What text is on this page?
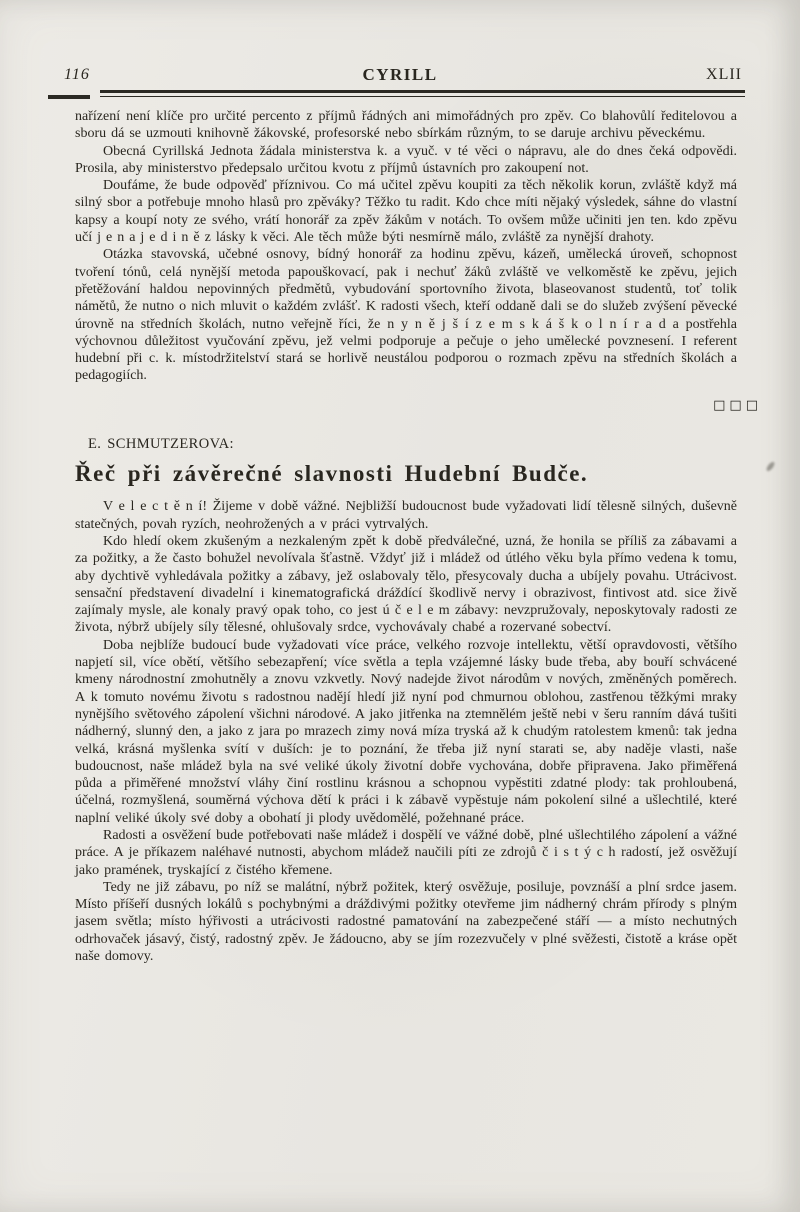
116	CYRILL	XLII

nařízení není klíče pro určité percento z příjmů řádných ani mimořádných pro zpěv. Co blahovůlí ředitelovou a sboru dá se uzmouti knihovně žákovské, profesorské nebo sbírkám různým, to se daruje archivu pěveckému.

Obecná Cyrillská Jednota žádala ministerstva k. a vyuč. v té věci o nápravu, ale do dnes čeká odpovědi. Prosila, aby ministerstvo předepsalo určitou kvotu z příjmů ústavních pro zakoupení not.

Doufáme, že bude odpověď příznivou. Co má učitel zpěvu koupiti za těch několik korun, zvláště když má silný sbor a potřebuje mnoho hlasů pro zpěváky? Těžko tu radit. Kdo chce míti nějaký výsledek, sáhne do vlastní kapsy a koupí noty ze svého, vrátí honorář za zpěv žákům v notách. To ovšem může učiniti jen ten. kdo zpěvu učí j e n a j e d i n ě z lásky k věci. Ale těch může býti nesmírně málo, zvláště za nynější drahoty.

Otázka stavovská, učebné osnovy, bídný honorář za hodinu zpěvu, kázeň, umělecká úroveň, schopnost tvoření tónů, celá nynější metoda papouškovací, pak i nechuť žáků zvláště ve velkoměstě ke zpěvu, jejich přetěžování haldou nepovinných předmětů, vybudování sportovního života, blaseovanost studentů, toť tolik námětů, že nutno o nich mluvit o každém zvlášť. K radosti všech, kteří oddaně dali se do služeb zvýšení pěvecké úrovně na středních školách, nutno veřejně říci, že n y n ě j š í z e m s k á š k o l n í r a d a postřehla výchovnou důležitost vyučování zpěvu, jež velmi podporuje a pečuje o jeho umělecké povznesení. I referent hudební při c. k. místodržitelství stará se horlivě neustálou podporou o rozmach zpěvu na středních školách a pedagogiích.

□□□
E. SCHMUTZEROVA:
Řeč při závěrečné slavnosti Hudební Budče.

V e l e c t ě n í! Žijeme v době vážné. Nejbližší budoucnost bude vyžadovati lidí tělesně silných, duševně statečných, povah ryzích, neohrožených a v práci vytrvalých.

Kdo hledí okem zkušeným a nezkaleným zpět k době předválečné, uzná, že honila se příliš za zábavami a za požitky, a že často bohužel nevolívala šťastně. Vždyť již i mládež od útlého věku byla přímo vedena k tomu, aby dychtivě vyhledávala požitky a zábavy, jež oslabovaly tělo, přesycovaly ducha a ubíjely povahu. Utrácivost. sensační představení divadelní i kinematografická dráždící škodlivě nervy i obrazivost, fintivost atd. sice živě zajímaly mysle, ale konaly pravý opak toho, co jest ú č e l e m zábavy: nevzpružovaly, neposkytovaly radosti ze života, nýbrž ubíjely síly tělesné, ohlušovaly srdce, vychovávaly chabé a rozervané sobectví.

Doba nejblíže budoucí bude vyžadovati více práce, velkého rozvoje intellektu, větší opravdovosti, většího napjetí sil, více obětí, většího sebezapření; více světla a tepla vzájemné lásky bude třeba, aby bouří schvácené kmeny národnostní zmohutněly a znovu vzkvetly. Nový nadejde život národům v nových, změněných poměrech. A k tomuto novému životu s radostnou nadějí hledí již nyní pod chmurnou oblohou, zastřenou těžkými mraky nynějšího světového zápolení všichni národové. A jako jitřenka na ztemnělém ještě nebi v šeru ranním dává tušiti nádherný, slunný den, a jako z jara po mrazech zimy nová míza tryská až k chudým ratolestem kmenů: tak jedna velká, krásná myšlenka svítí v duších: je to poznání, že třeba již nyní starati se, aby naděje vlasti, naše budoucnost, naše mládež byla na své veliké úkoly životní dobře vychována, dobře připravena. Jako přiměřená půda a přiměřené množství vláhy činí rostlinu krásnou a schopnou vypěstiti zdatné plody: tak prohloubená, účelná, rozmyšlená, souměrná výchova dětí k práci i k zábavě vypěstuje nám pokolení silné a ušlechtilé, které naplní veliké úkoly své doby a obohatí ji plody uvědomělé, požehnané práce.

Radosti a osvěžení bude potřebovati naše mládež i dospělí ve vážné době, plné ušlechtilého zápolení a vážné práce. A je příkazem naléhavé nutnosti, abychom mládež naučili píti ze zdrojů č i s t ý c h radostí, jež osvěžují jako pramének, tryskající z čistého křemene.

Tedy ne již zábavu, po níž se malátní, nýbrž požitek, který osvěžuje, posiluje, povznáší a plní srdce jasem. Místo příšeří dusných lokálů s pochybnými a dráždivými požitky otevřeme jim nádherný chrám přírody s plným jasem světla; místo hýřivosti a utrácivosti radostné pamatování na zabezpečené stáří — a místo nechutných odrhovaček jásavý, čistý, radostný zpěv. Je žádoucno, aby se jím rozezvučely v plné svěžesti, čistotě a kráse opět naše domovy.
